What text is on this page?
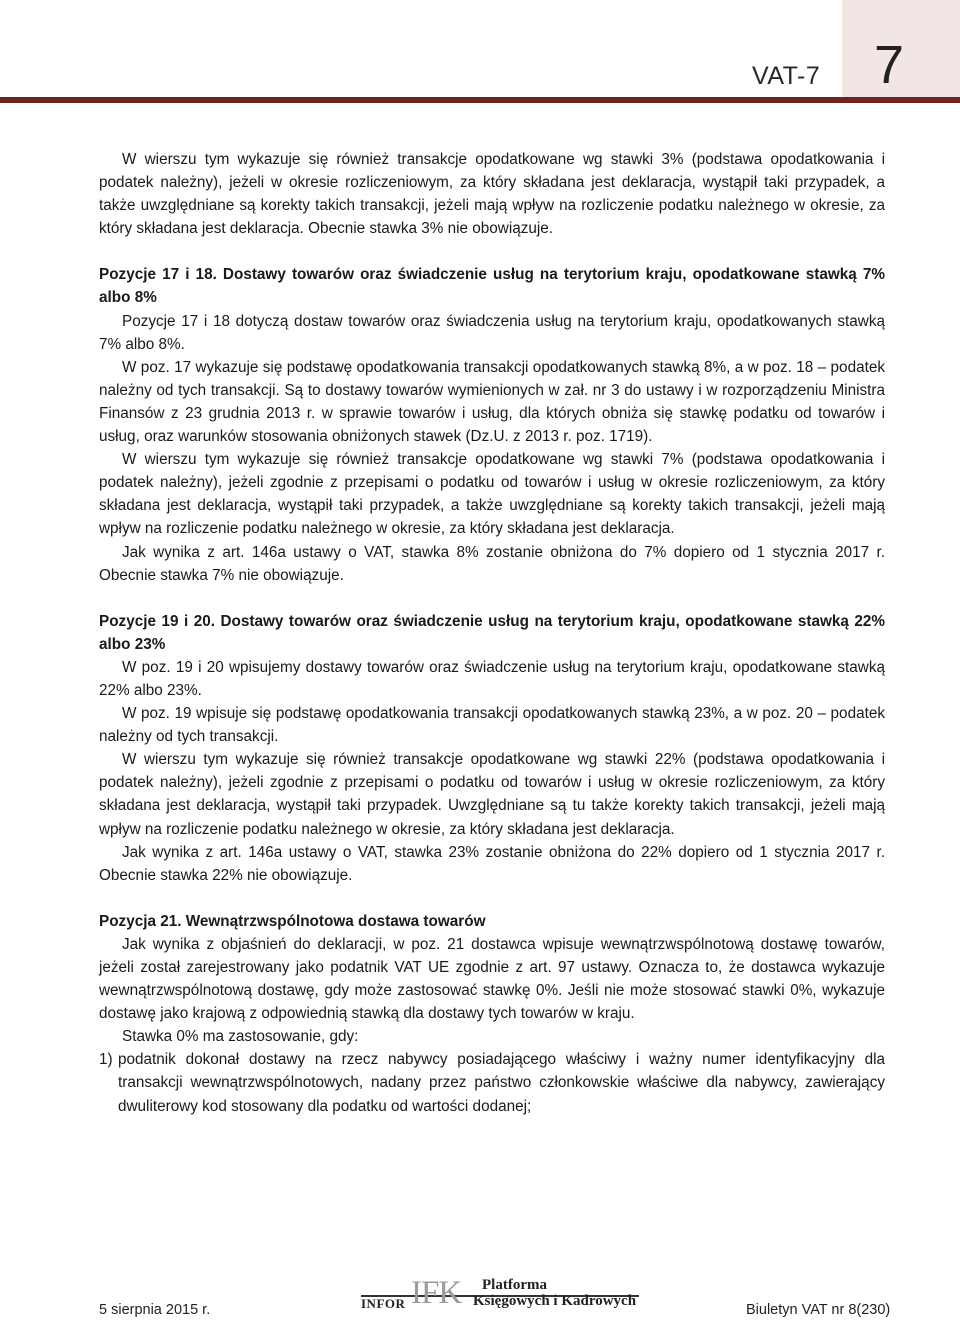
VAT-7 7

W wierszu tym wykazuje się również transakcje opodatkowane wg stawki 3% (podstawa opodatkowania i podatek należny), jeżeli w okresie rozliczeniowym, za który składana jest deklaracja, wystąpił taki przypadek, a także uwzględniane są korekty takich transakcji, jeżeli mają wpływ na rozliczenie podatku należnego w okresie, za który składana jest deklaracja. Obecnie stawka 3% nie obowiązuje.

Pozycje 17 i 18. Dostawy towarów oraz świadczenie usług na terytorium kraju, opodatkowane stawką 7% albo 8%

Pozycje 17 i 18 dotyczą dostaw towarów oraz świadczenia usług na terytorium kraju, opodatkowanych stawką 7% albo 8%.

W poz. 17 wykazuje się podstawę opodatkowania transakcji opodatkowanych stawką 8%, a w poz. 18 – podatek należny od tych transakcji. Są to dostawy towarów wymienionych w zał. nr 3 do ustawy i w rozporządzeniu Ministra Finansów z 23 grudnia 2013 r. w sprawie towarów i usług, dla których obniża się stawkę podatku od towarów i usług, oraz warunków stosowania obniżonych stawek (Dz.U. z 2013 r. poz. 1719).

W wierszu tym wykazuje się również transakcje opodatkowane wg stawki 7% (podstawa opodatkowania i podatek należny), jeżeli zgodnie z przepisami o podatku od towarów i usług w okresie rozliczeniowym, za który składana jest deklaracja, wystąpił taki przypadek, a także uwzględniane są korekty takich transakcji, jeżeli mają wpływ na rozliczenie podatku należnego w okresie, za który składana jest deklaracja.

Jak wynika z art. 146a ustawy o VAT, stawka 8% zostanie obniżona do 7% dopiero od 1 stycznia 2017 r. Obecnie stawka 7% nie obowiązuje.

Pozycje 19 i 20. Dostawy towarów oraz świadczenie usług na terytorium kraju, opodatkowane stawką 22% albo 23%

W poz. 19 i 20 wpisujemy dostawy towarów oraz świadczenie usług na terytorium kraju, opodatkowane stawką 22% albo 23%.

W poz. 19 wpisuje się podstawę opodatkowania transakcji opodatkowanych stawką 23%, a w poz. 20 – podatek należny od tych transakcji.

W wierszu tym wykazuje się również transakcje opodatkowane wg stawki 22% (podstawa opodatkowania i podatek należny), jeżeli zgodnie z przepisami o podatku od towarów i usług w okresie rozliczeniowym, za który składana jest deklaracja, wystąpił taki przypadek. Uwzględniane są tu także korekty takich transakcji, jeżeli mają wpływ na rozliczenie podatku należnego w okresie, za który składana jest deklaracja.

Jak wynika z art. 146a ustawy o VAT, stawka 23% zostanie obniżona do 22% dopiero od 1 stycznia 2017 r. Obecnie stawka 22% nie obowiązuje.

Pozycja 21. Wewnątrzwspólnotowa dostawa towarów

Jak wynika z objaśnień do deklaracji, w poz. 21 dostawca wpisuje wewnątrzwspólnotową dostawę towarów, jeżeli został zarejestrowany jako podatnik VAT UE zgodnie z art. 97 ustawy. Oznacza to, że dostawca wykazuje wewnątrzwspólnotową dostawę, gdy może zastosować stawkę 0%. Jeśli nie może stosować stawki 0%, wykazuje dostawę jako krajową z odpowiednią stawką dla dostawy tych towarów w kraju.

Stawka 0% ma zastosowanie, gdy:

1) podatnik dokonał dostawy na rzecz nabywcy posiadającego właściwy i ważny numer identyfikacyjny dla transakcji wewnątrzwspólnotowych, nadany przez państwo członkowskie właściwe dla nabywcy, zawierający dwuliterowy kod stosowany dla podatku od wartości dodanej;
5 sierpnia 2015 r.	INFOR IFK Platforma
Księgowych i Kadrowych
Biuletyn VAT nr 8(230)
